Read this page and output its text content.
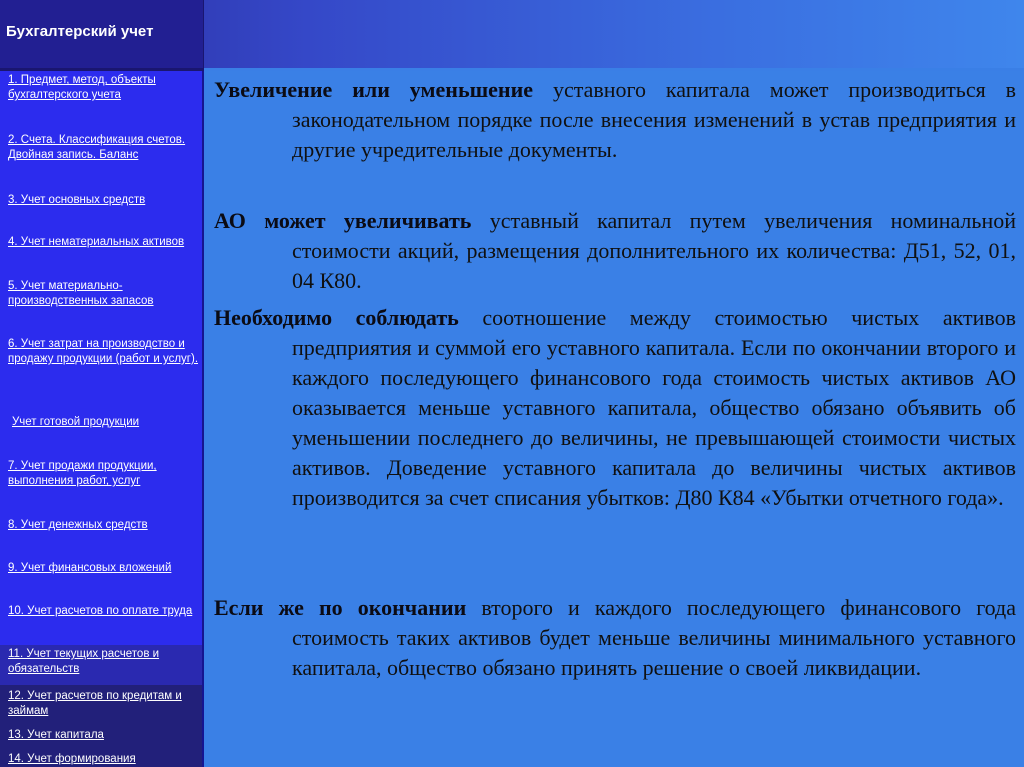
Бухгалтерский учет
1. Предмет, метод, объекты бухгалтерского учета
2. Счета. Классификация счетов. Двойная запись. Баланс
3. Учет основных средств
4. Учет нематериальных активов
5. Учет материально-производственных запасов
6. Учет затрат на производство и продажу продукции (работ и услуг).
Учет готовой продукции
7. Учет продажи продукции, выполнения работ, услуг
8. Учет денежных средств
9. Учет финансовых вложений
10. Учет расчетов по оплате труда
11. Учет текущих расчетов и обязательств
12. Учет расчетов по кредитам и займам
13. Учет капитала
14. Учет формирования

Увеличение или уменьшение уставного капитала может производиться в законодательном порядке после внесения изменений в устав предприятия и другие учредительные документы.

АО может увеличивать уставный капитал путем увеличения номинальной стоимости акций, размещения дополнительного их количества: Д51, 52, 01, 04 К80.

Необходимо соблюдать соотношение между стоимостью чистых активов предприятия и суммой его уставного капитала. Если по окончании второго и каждого последующего финансового года стоимость чистых активов АО оказывается меньше уставного капитала, общество обязано объявить об уменьшении последнего до величины, не превышающей стоимости чистых активов. Доведение уставного капитала до величины чистых активов производится за счет списания убытков: Д80 К84 «Убытки отчетного года».

Если же по окончании второго и каждого последующего финансового года стоимость таких активов будет меньше величины минимального уставного капитала, общество обязано принять решение о своей ликвидации.
